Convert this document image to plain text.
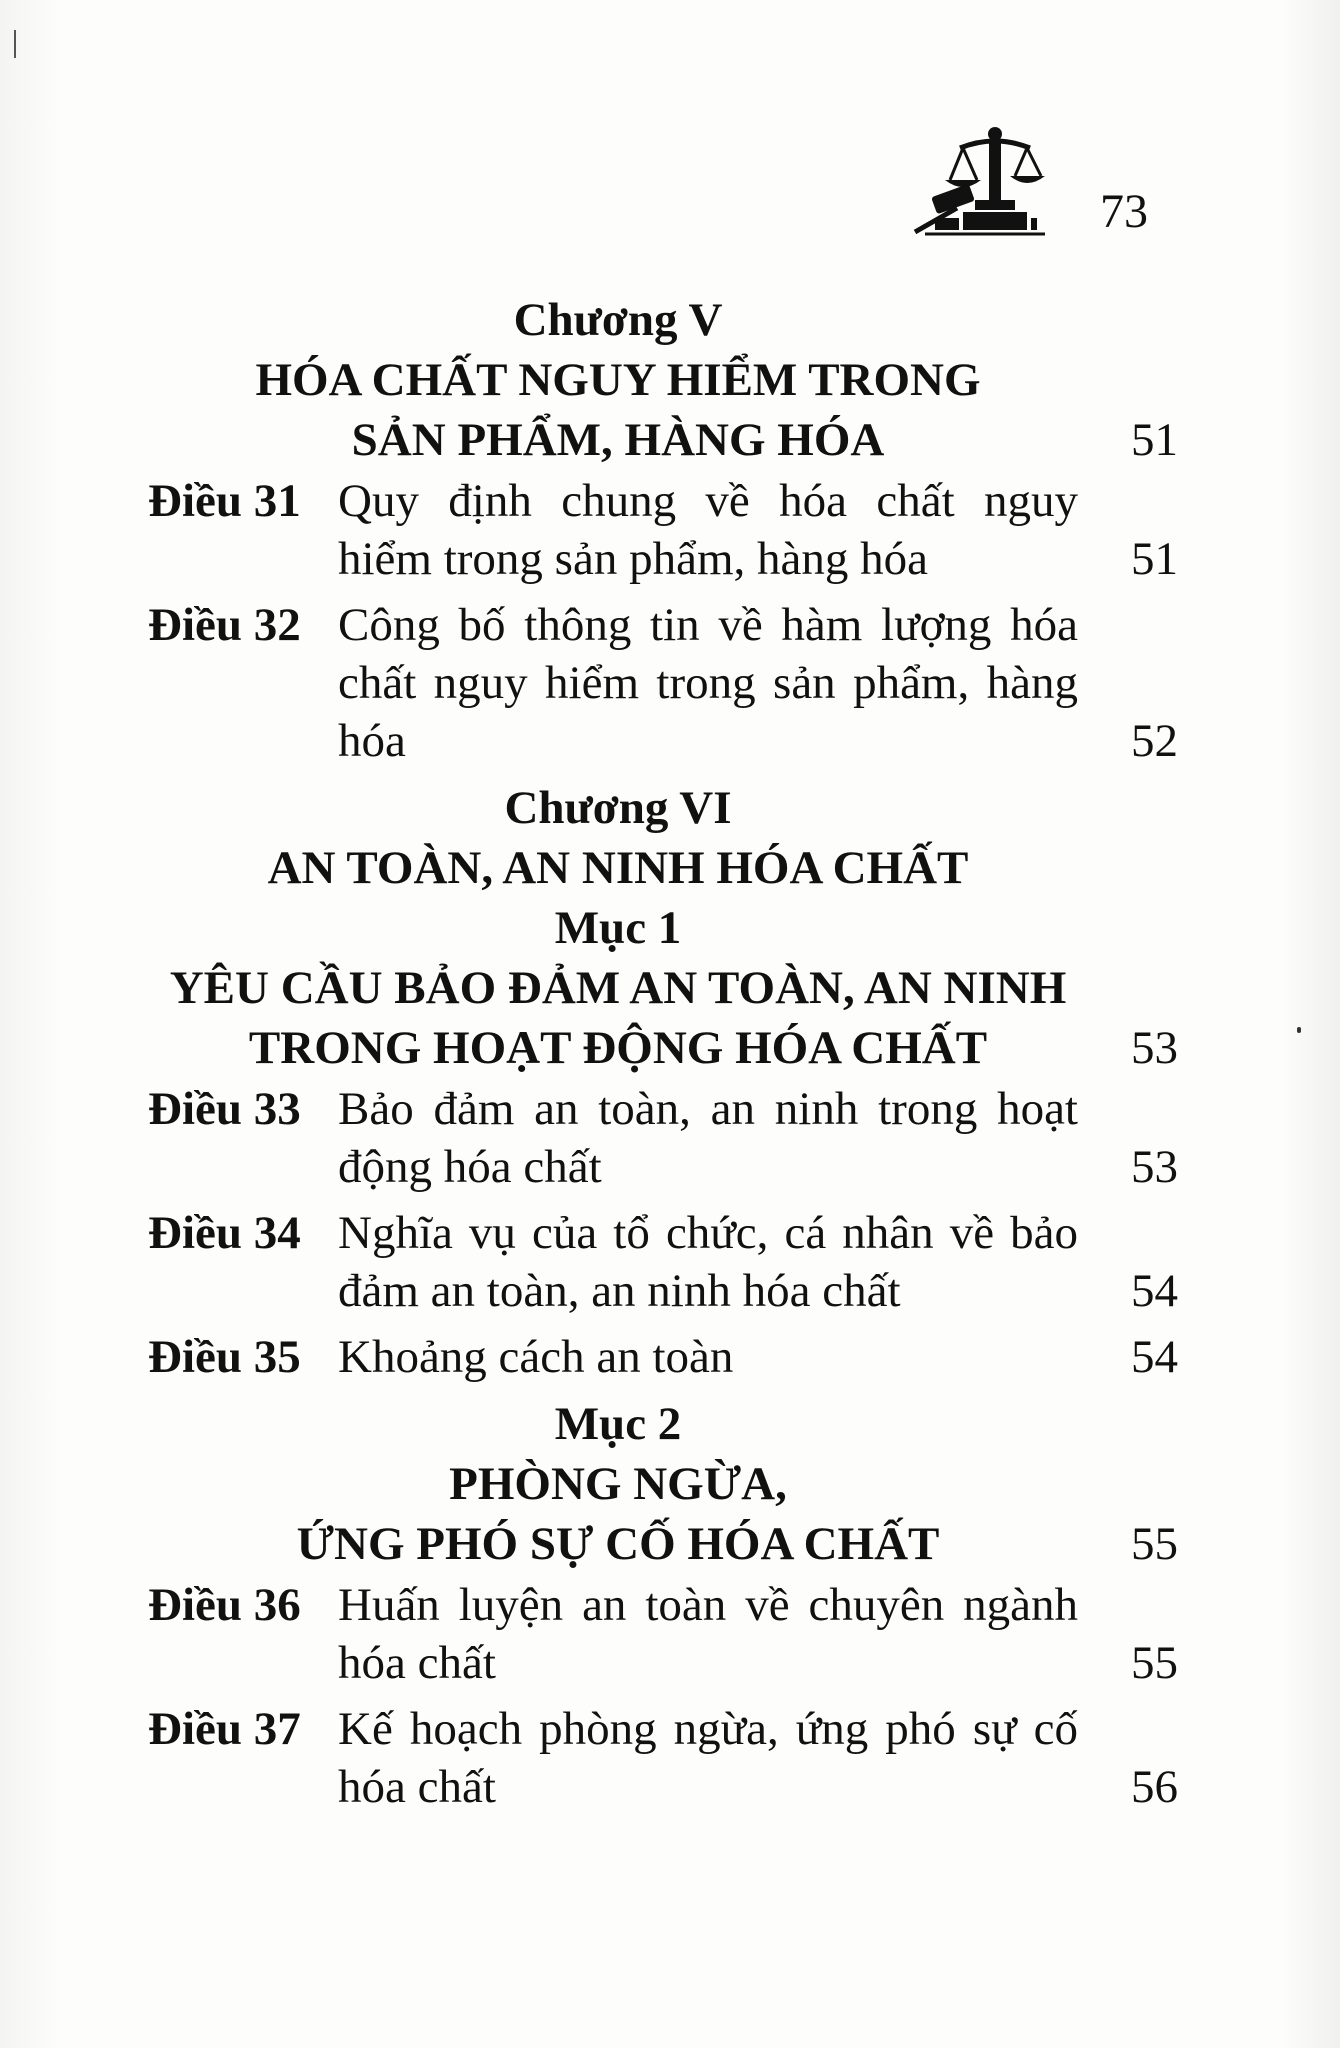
73
Chương V
HÓA CHẤT NGUY HIỂM TRONG
SẢN PHẨM, HÀNG HÓA	51
Điều 31 Quy định chung về hóa chất nguy hiểm trong sản phẩm, hàng hóa	51
Điều 32 Công bố thông tin về hàm lượng hóa chất nguy hiểm trong sản phẩm, hàng hóa	52
Chương VI
AN TOÀN, AN NINH HÓA CHẤT
Mục 1
YÊU CẦU BẢO ĐẢM AN TOÀN, AN NINH
TRONG HOẠT ĐỘNG HÓA CHẤT	53
Điều 33 Bảo đảm an toàn, an ninh trong hoạt động hóa chất	53
Điều 34 Nghĩa vụ của tổ chức, cá nhân về bảo đảm an toàn, an ninh hóa chất	54
Điều 35 Khoảng cách an toàn	54
Mục 2
PHÒNG NGỪA,
ỨNG PHÓ SỰ CỐ HÓA CHẤT	55
Điều 36 Huấn luyện an toàn về chuyên ngành hóa chất	55
Điều 37 Kế hoạch phòng ngừa, ứng phó sự cố hóa chất	56
